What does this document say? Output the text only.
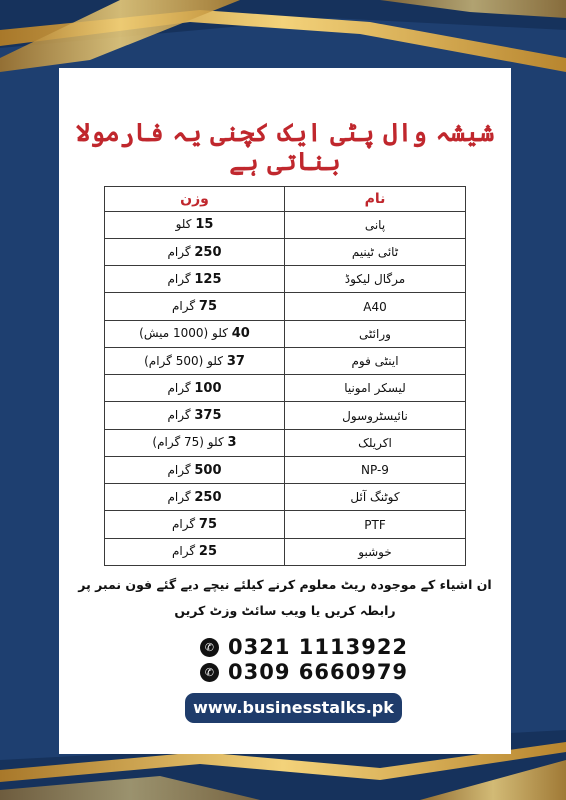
شیشہ وال پٹی ایک کچنی یہ فارمولا بناتی ہے
وزن	نام
15 کلو	پانی
250 گرام	ٹائی ٹینیم
125 گرام	مرگال لیکوڈ
75 گرام	A40
40 کلو (1000 میش)	ورائٹی
37 کلو (500 گرام)	اینٹی فوم
100 گرام	لیسکر امونیا
375 گرام	نائیسٹروسول
3 کلو (75 گرام)	اکریلک
500 گرام	NP-9
250 گرام	کوٹنگ آئل
75 گرام	PTF
25 گرام	خوشبو
ان اشیاء کے موجودہ ریٹ معلوم کرنے کیلئے نیچے دیے گئے فون نمبر پر
رابطہ کریں یا ویب سائٹ وزٹ کریں
✆ 0321 1113922
✆ 0309 6660979
www.businesstalks.pk
